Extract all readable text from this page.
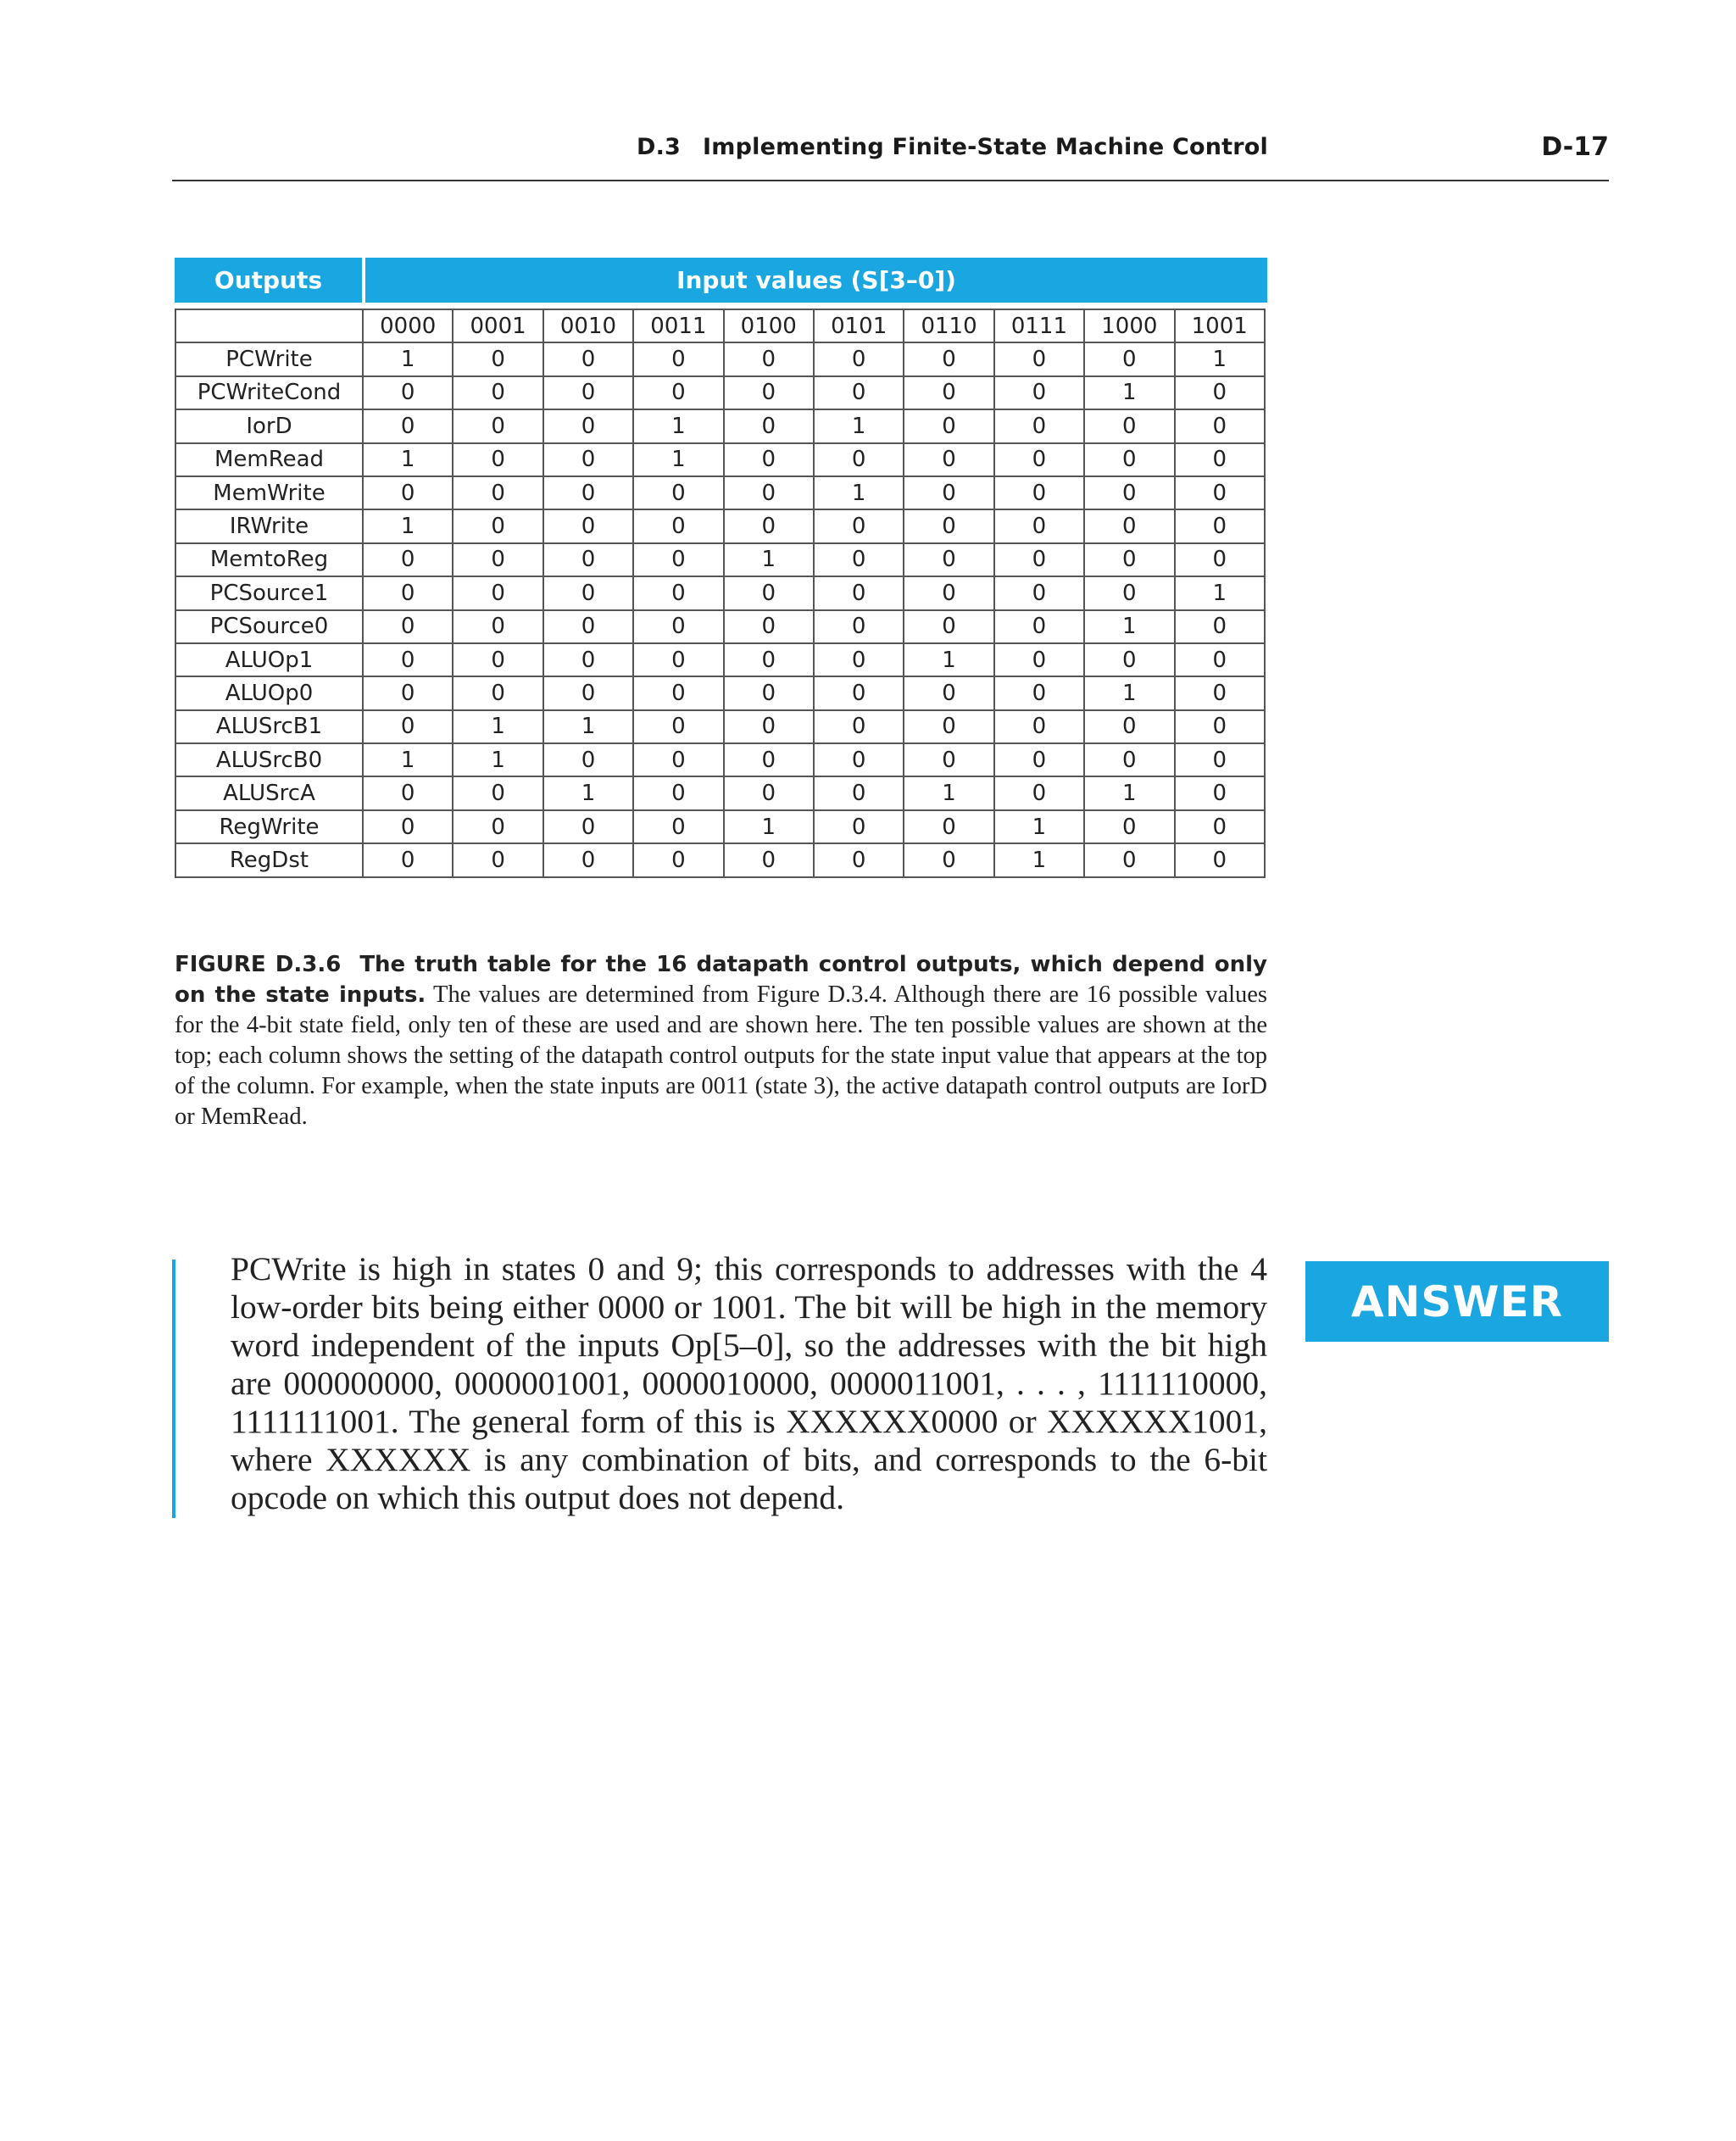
D.3 Implementing Finite-State Machine Control	D-17
Outputs	Input values (S[3–0])
	0000	0001	0010	0011	0100	0101	0110	0111	1000	1001
PCWrite	1	0	0	0	0	0	0	0	0	1
PCWriteCond	0	0	0	0	0	0	0	0	1	0
IorD	0	0	0	1	0	1	0	0	0	0
MemRead	1	0	0	1	0	0	0	0	0	0
MemWrite	0	0	0	0	0	1	0	0	0	0
IRWrite	1	0	0	0	0	0	0	0	0	0
MemtoReg	0	0	0	0	1	0	0	0	0	0
PCSource1	0	0	0	0	0	0	0	0	0	1
PCSource0	0	0	0	0	0	0	0	0	1	0
ALUOp1	0	0	0	0	0	0	1	0	0	0
ALUOp0	0	0	0	0	0	0	0	0	1	0
ALUSrcB1	0	1	1	0	0	0	0	0	0	0
ALUSrcB0	1	1	0	0	0	0	0	0	0	0
ALUSrcA	0	0	1	0	0	0	1	0	1	0
RegWrite	0	0	0	0	1	0	0	1	0	0
RegDst	0	0	0	0	0	0	0	1	0	0
FIGURE D.3.6 The truth table for the 16 datapath control outputs, which depend only on the state inputs. The values are determined from Figure D.3.4. Although there are 16 possible values for the 4-bit state field, only ten of these are used and are shown here. The ten possible values are shown at the top; each column shows the setting of the datapath control outputs for the state input value that appears at the top of the column. For example, when the state inputs are 0011 (state 3), the active datapath control outputs are IorD or MemRead.
PCWrite is high in states 0 and 9; this corresponds to addresses with the 4 low-order bits being either 0000 or 1001. The bit will be high in the memory word independent of the inputs Op[5–0], so the addresses with the bit high are 000000000, 0000001001, 0000010000, 0000011001, . . . , 1111110000, 1111111001. The general form of this is XXXXXX0000 or XXXXXX1001, where XXXXXX is any combination of bits, and corresponds to the 6-bit opcode on which this output does not depend.
ANSWER
